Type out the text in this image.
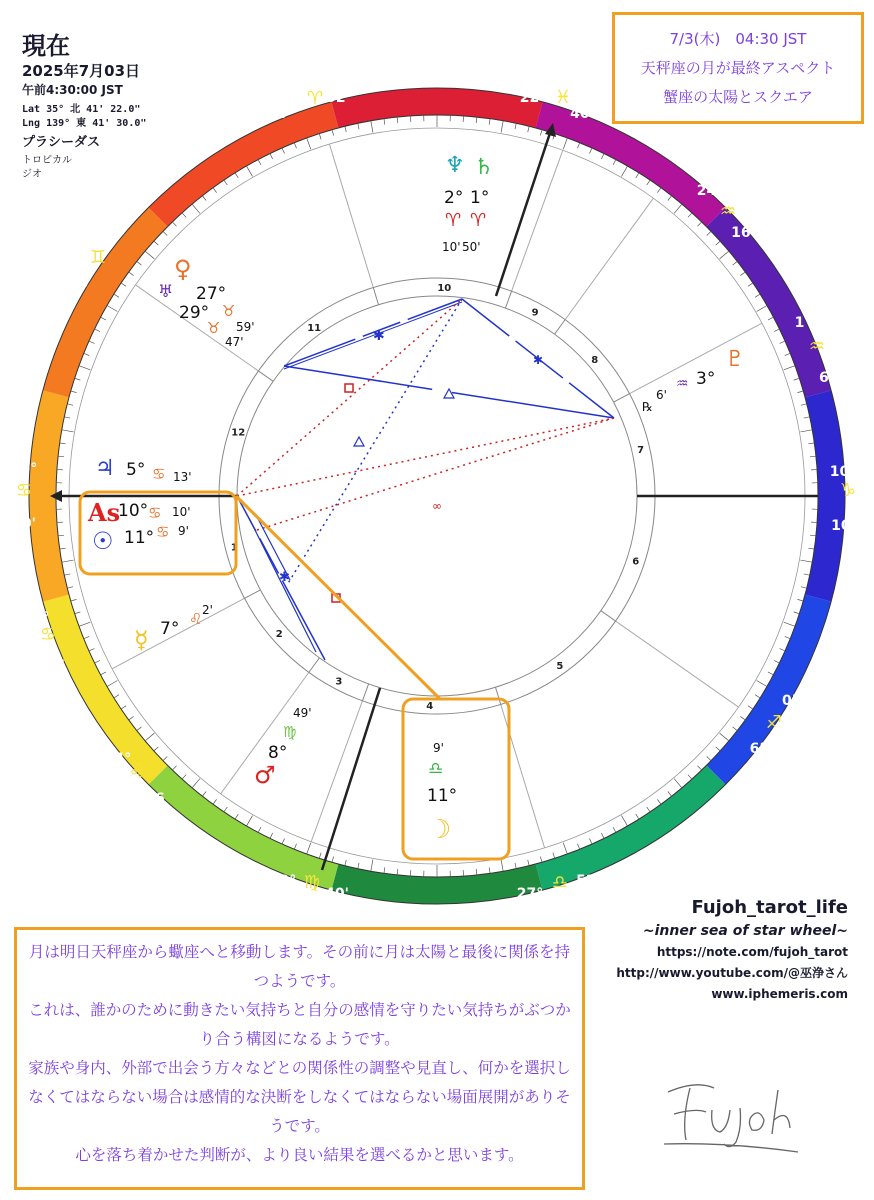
1
2
3
4
5
6
7
8
9
10
11
12
✱
✱
✱
∞
27°
♈ 52'	22° ♓
40'
24°
♒
16'
1°
♒
6'
10°
♑
10'
0'
♐
6°
27°
♎ 52'
22° ♍
40'
24°
♌
16
1°
♋
6'
10°
♋
10'
0'
♊
6°
♆ ♄
2° 1°
♈ ♈
10' 50'
♀
♅ 27°
29° ♉
♉ 59'
47'
♇
3°
♒
6'
℞
♃ 5° ♋ 13'
As
10° ♋ 10'
☉ 11° ♋ 9'
☿ 7° ♌ 2'
49'
♍
8°
♂
9'
♎
11°
☽
現在
2025年7月03日
午前4:30:00 JST
Lat 35° 北 41' 22.0"
Lng 139° 東 41' 30.0"
プラシーダス
トロピカル
ジオ
7/3(木)　04:30 JST
天秤座の月が最終アスペクト
蟹座の太陽とスクエア
Fujoh_tarot_life
~inner sea of star wheel~
https://note.com/fujoh_tarot
http://www.youtube.com/@巫浄さん
www.iphemeris.com

月は明日天秤座から蠍座へと移動します。その前に月は太陽と最後に関係を持つようです。

これは、誰かのために動きたい気持ちと自分の感情を守りたい気持ちがぶつかり合う構図になるようです。

家族や身内、外部で出会う方々などとの関係性の調整や見直し、何かを選択しなくてはならない場合は感情的な決断をしなくてはならない場面展開がありそうです。

心を落ち着かせた判断が、より良い結果を選べるかと思います。
